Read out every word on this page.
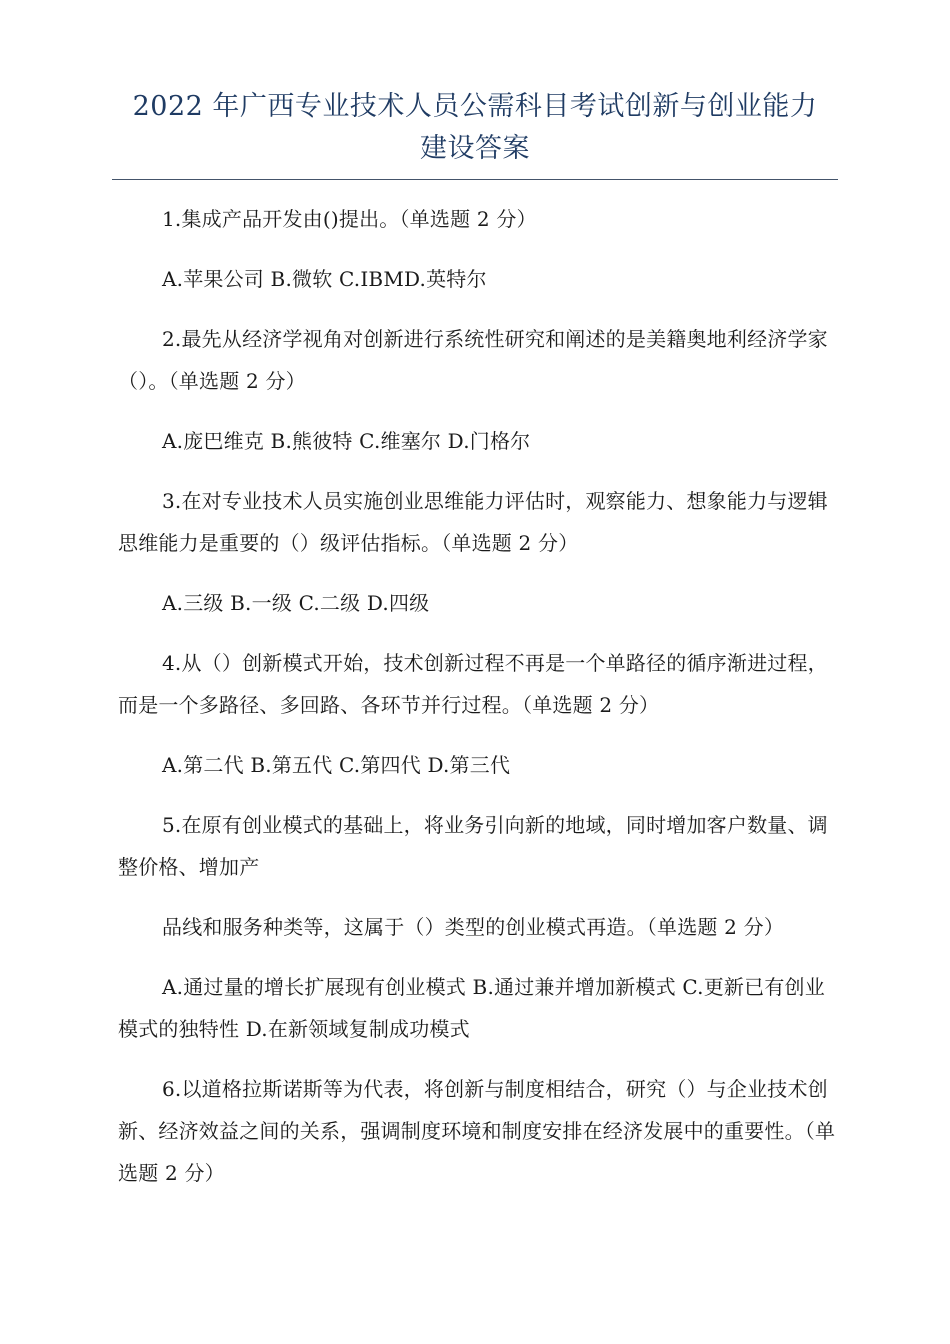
2022 年广西专业技术人员公需科目考试创新与创业能力
建设答案

1.集成产品开发由()提出。（单选题 2 分）

A.苹果公司 B.微软 C.IBMD.英特尔

2.最先从经济学视角对创新进行系统性研究和阐述的是美籍奥地利经济学家（）。（单选题 2 分）

A.庞巴维克 B.熊彼特 C.维塞尔 D.门格尔

3.在对专业技术人员实施创业思维能力评估时，观察能力、想象能力与逻辑思维能力是重要的（）级评估指标。（单选题 2 分）

A.三级 B.一级 C.二级 D.四级

4.从（）创新模式开始，技术创新过程不再是一个单路径的循序渐进过程，而是一个多路径、多回路、各环节并行过程。（单选题 2 分）

A.第二代 B.第五代 C.第四代 D.第三代

5.在原有创业模式的基础上，将业务引向新的地域，同时增加客户数量、调整价格、增加产

品线和服务种类等，这属于（）类型的创业模式再造。（单选题 2 分）

A.通过量的增长扩展现有创业模式 B.通过兼并增加新模式 C.更新已有创业模式的独特性 D.在新领域复制成功模式

6.以道格拉斯诺斯等为代表，将创新与制度相结合，研究（）与企业技术创新、经济效益之间的关系，强调制度环境和制度安排在经济发展中的重要性。（单选题 2 分）
